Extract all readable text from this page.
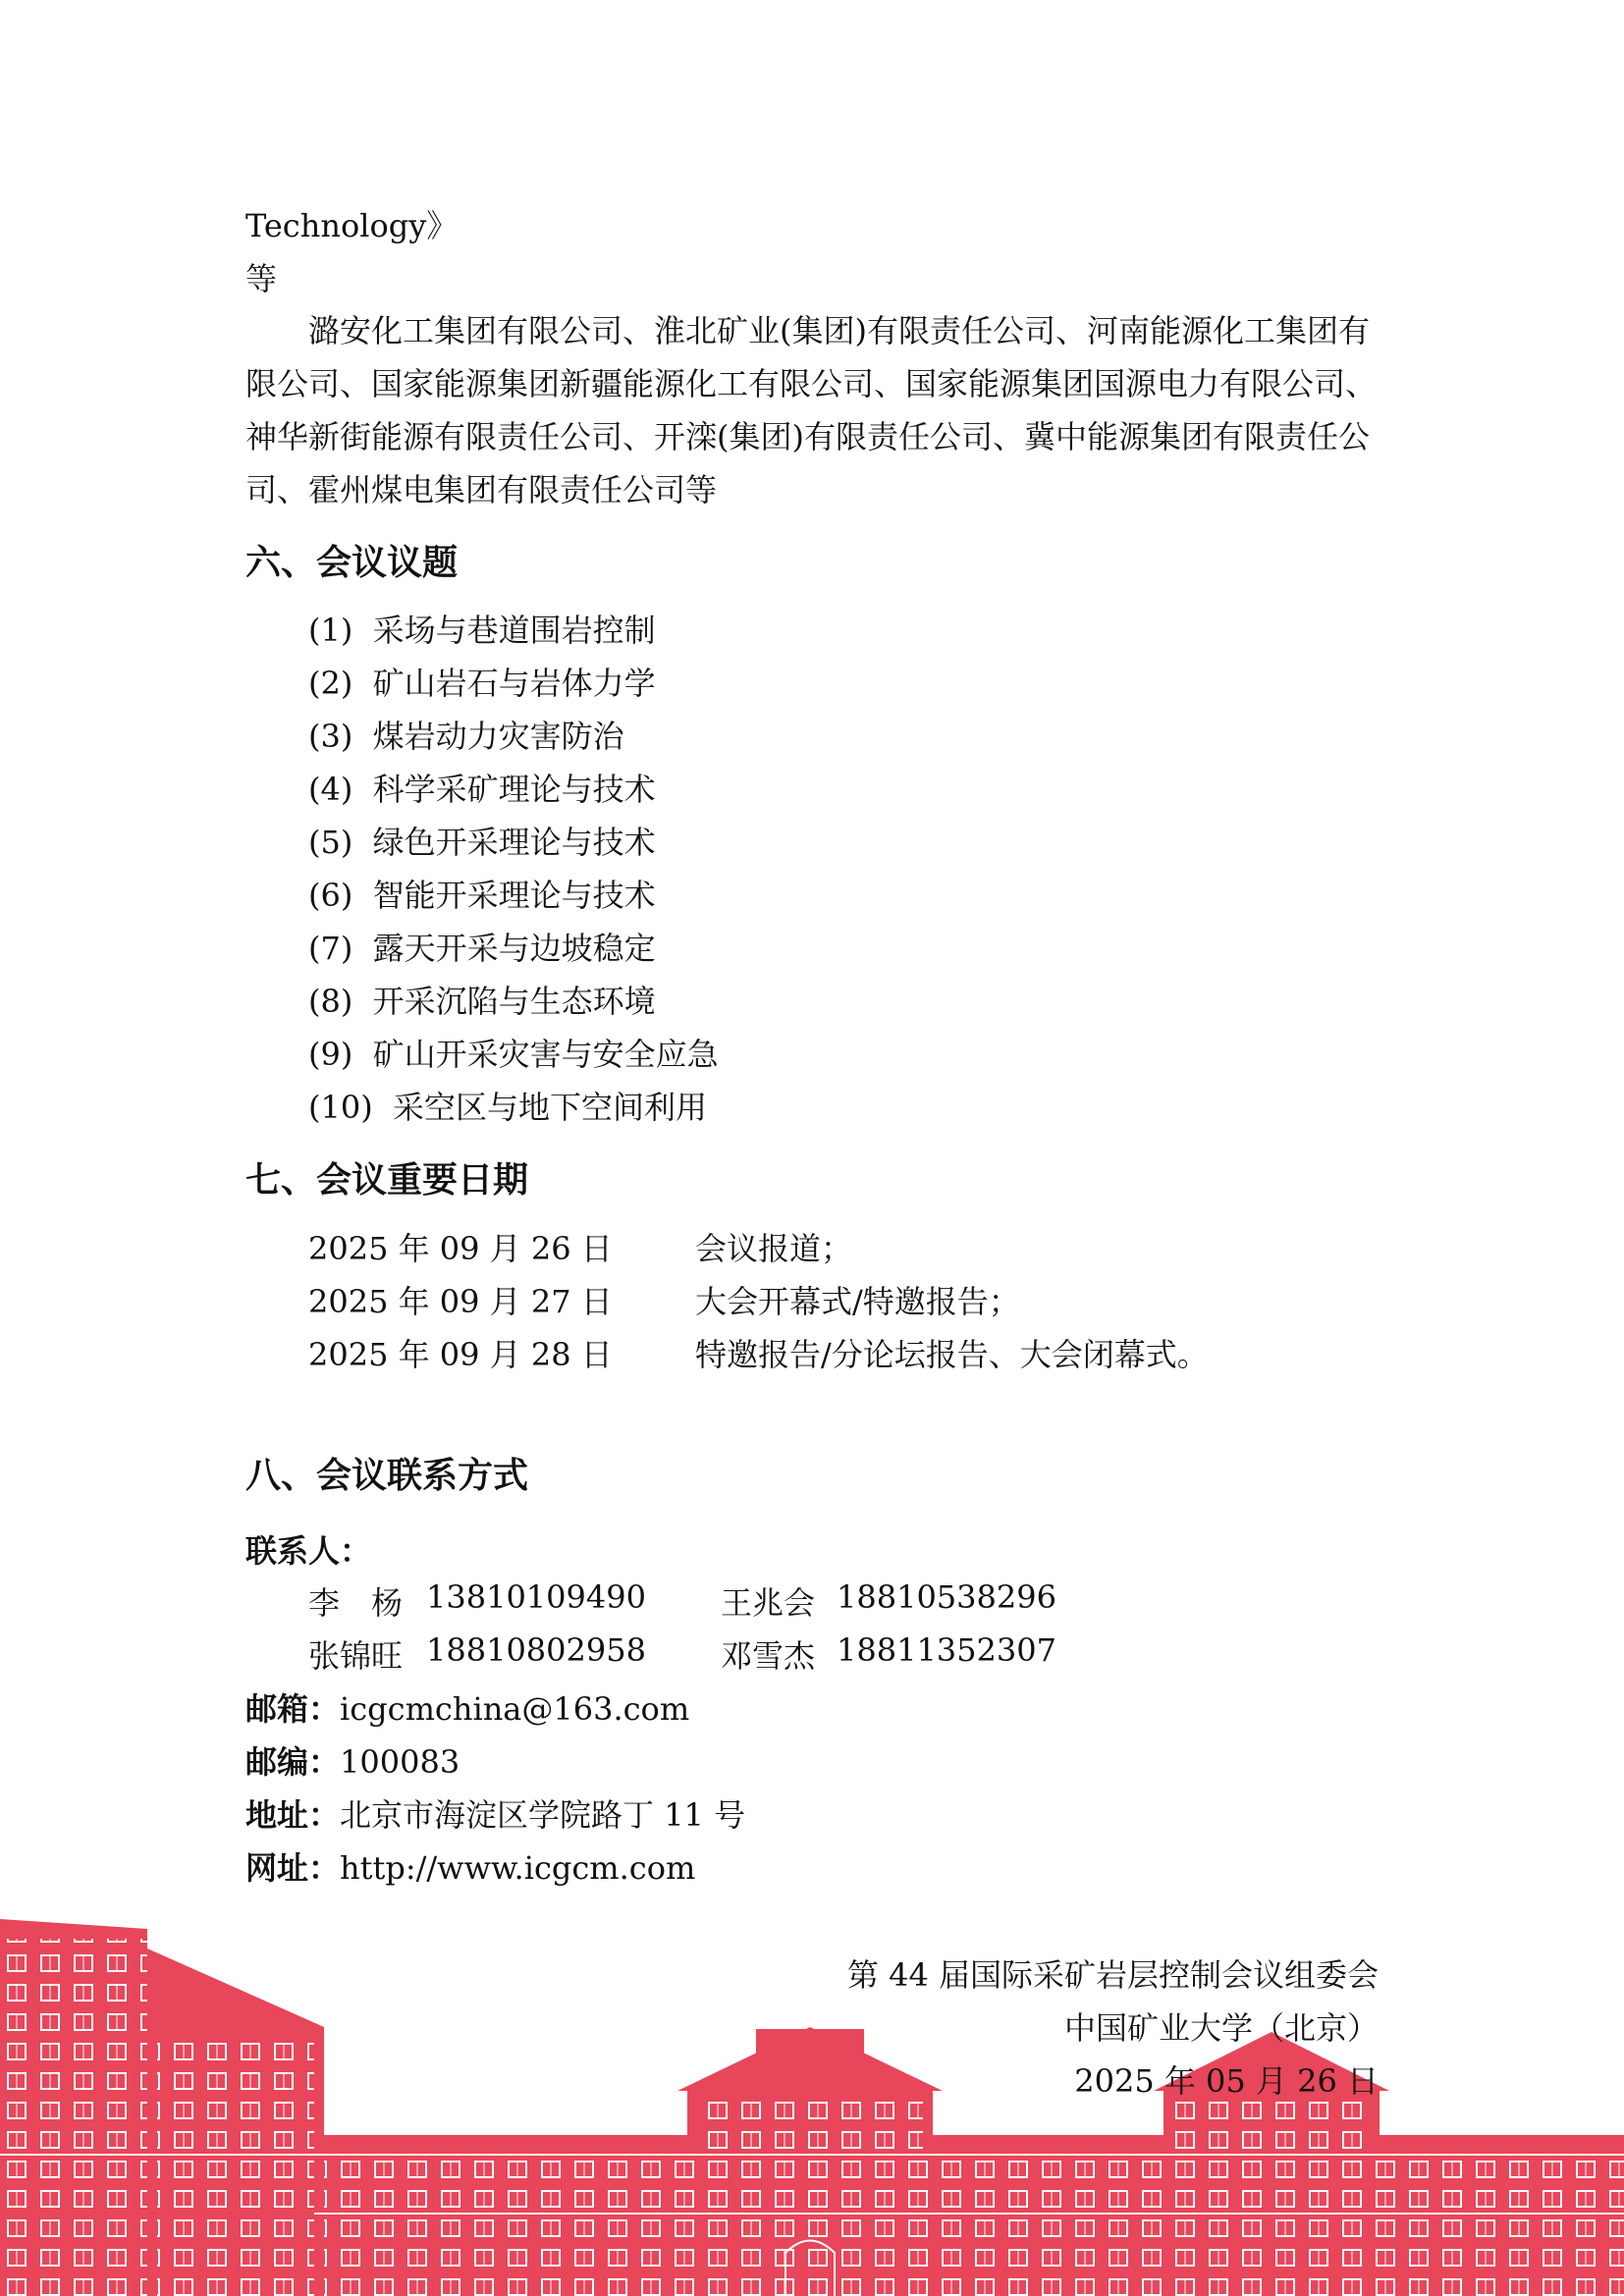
Technology》
等
潞安化工集团有限公司、淮北矿业(集团)有限责任公司、河南能源化工集团有限公司、国家能源集团新疆能源化工有限公司、国家能源集团国源电力有限公司、神华新街能源有限责任公司、开滦(集团)有限责任公司、冀中能源集团有限责任公司、霍州煤电集团有限责任公司等
六、会议议题
(1) 采场与巷道围岩控制
(2) 矿山岩石与岩体力学
(3) 煤岩动力灾害防治
(4) 科学采矿理论与技术
(5) 绿色开采理论与技术
(6) 智能开采理论与技术
(7) 露天开采与边坡稳定
(8) 开采沉陷与生态环境
(9) 矿山开采灾害与安全应急
(10) 采空区与地下空间利用
七、会议重要日期
2025 年 09 月 26 日	会议报道；
2025 年 09 月 27 日	大会开幕式/特邀报告；
2025 年 09 月 28 日	特邀报告/分论坛报告、大会闭幕式。
八、会议联系方式
联系人：
李　杨 13810109490 王兆会 18810538296
张锦旺 18810802958 邓雪杰 18811352307
邮箱：icgcmchina@163.com
邮编：100083
地址：北京市海淀区学院路丁 11 号
网址：http://www.icgcm.com
第 44 届国际采矿岩层控制会议组委会
中国矿业大学（北京）
2025 年 05 月 26 日
